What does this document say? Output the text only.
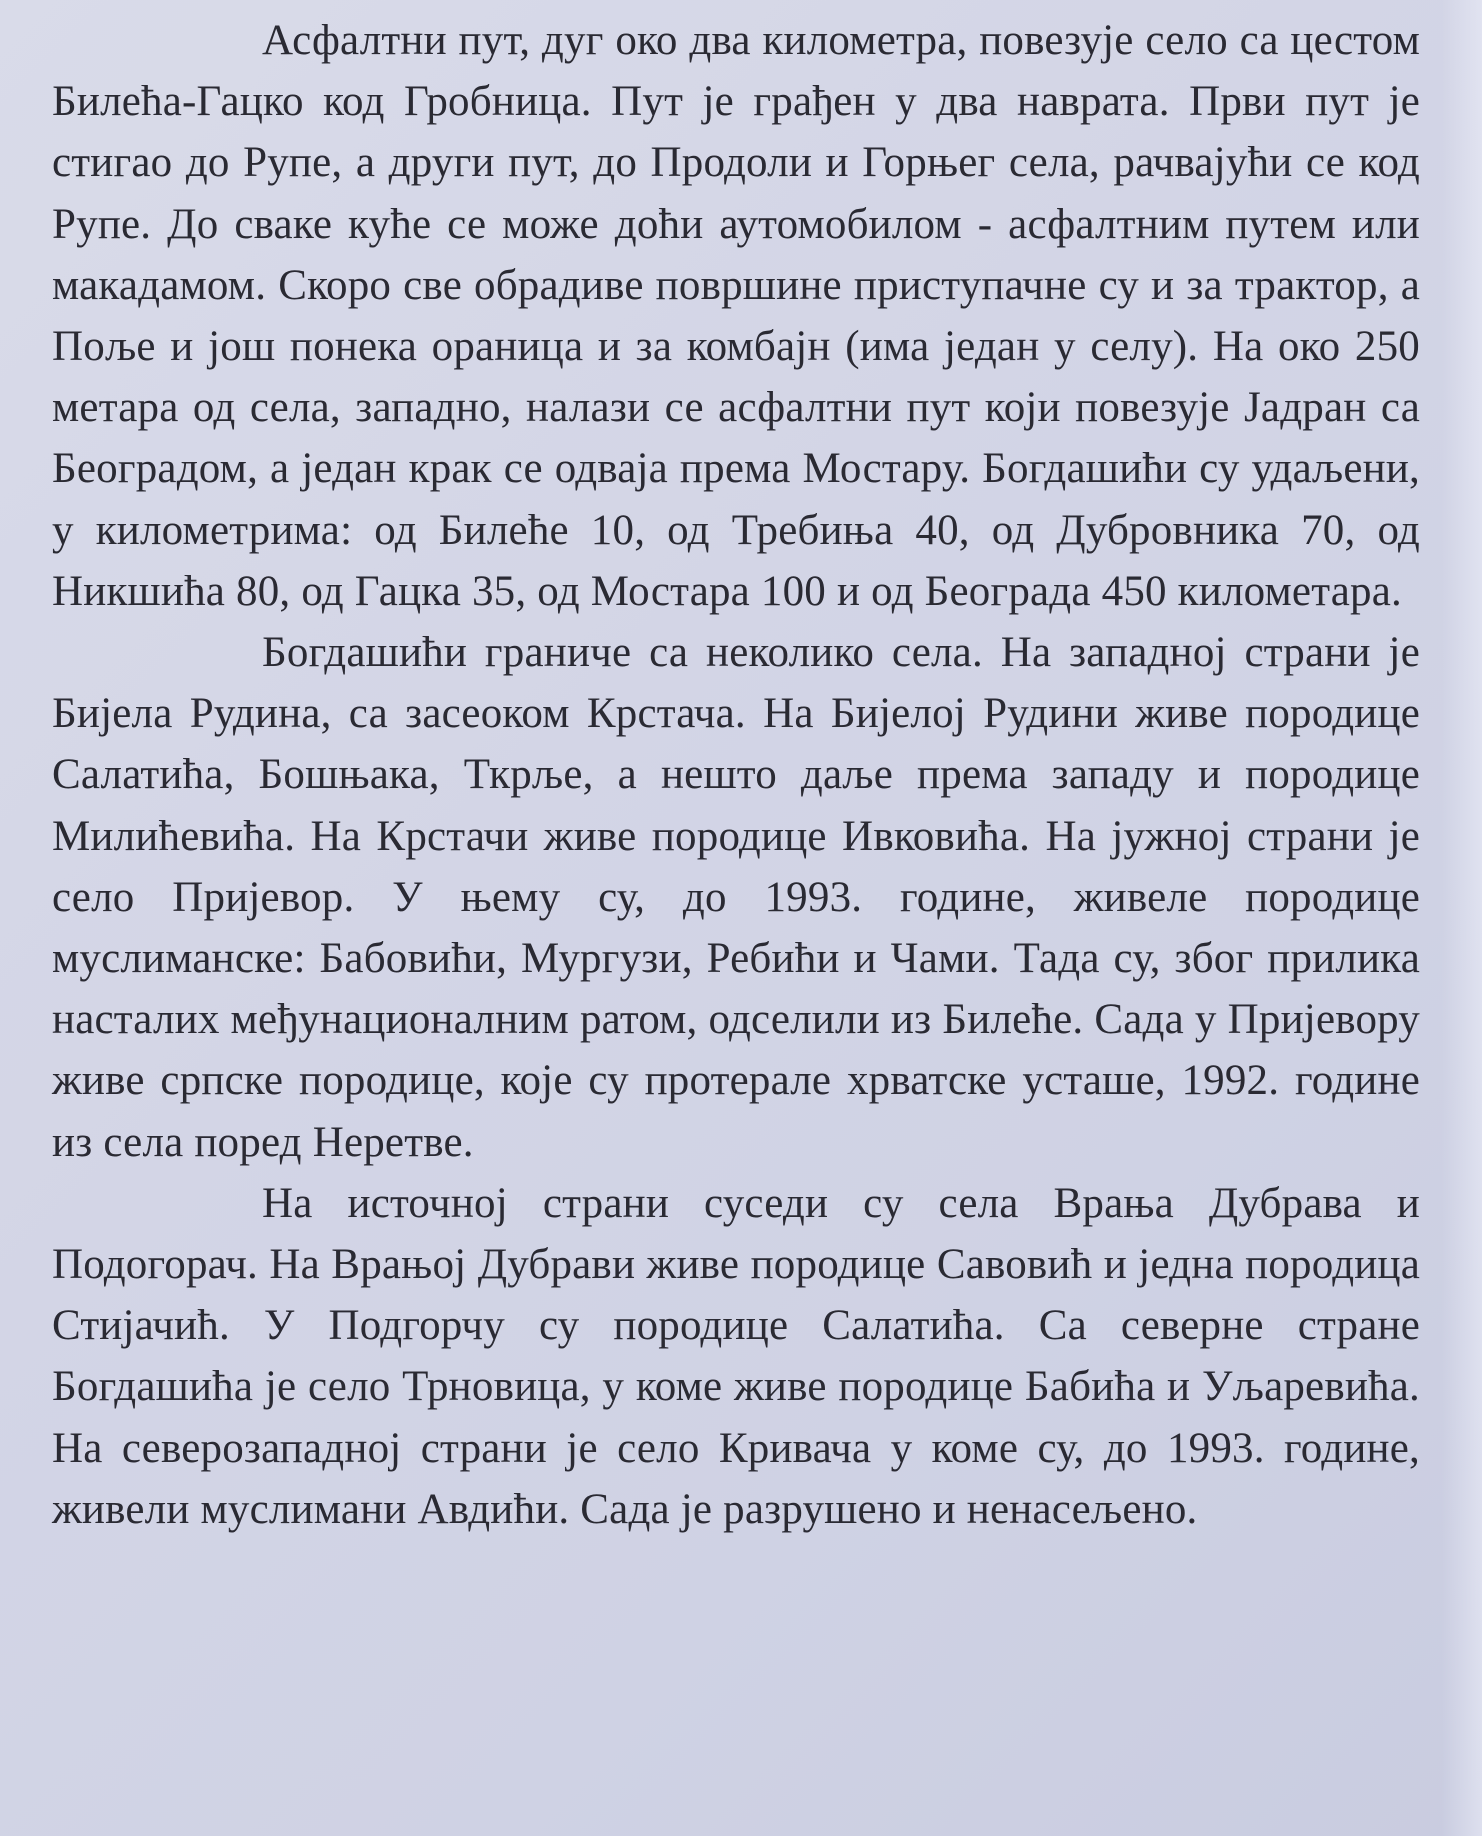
Асфалтни пут, дуг око два километра, повезује село са цестом Билећа-Гацко код Гробница. Пут је грађен у два наврата. Први пут је стигао до Рупе, а други пут, до Продоли и Горњег села, рачвајући се код Рупе. До сваке куће се може доћи аутомобилом - асфалтним путем или макадамом. Скоро све обрадиве површине приступачне су и за трактор, а Поље и још понека ораница и за комбајн (има један у селу). На око 250 метара од села, западно, налази се асфалтни пут који повезује Јадран са Београдом, а један крак се одваја према Мостару. Богдашићи су удаљени, у километрима: од Билеће 10, од Требиња 40, од Дубровника 70, од Никшића 80, од Гацка 35, од Мостара 100 и од Београда 450 километара.

Богдашићи граниче са неколико села. На западној страни је Бијела Рудина, са засеоком Крстача. На Бијелој Рудини живе породице Салатића, Бошњака, Ткрље, а нешто даље према западу и породице Милићевића. На Крстачи живе породице Ивковића. На јужној страни је село Пријевор. У њему су, до 1993. године, живеле породице муслиманске: Бабовићи, Мургузи, Ребићи и Чами. Тада су, због прилика насталих међунационалним ратом, одселили из Билеће. Сада у Пријевору живе српске породице, које су протерале хрватске усташе, 1992. године из села поред Неретве.

На источној страни суседи су села Врања Дубрава и Подогорач. На Врањој Дубрави живе породице Савовић и једна породица Стијачић. У Подгорчу су породице Салатића. Са северне стране Богдашића је село Трновица, у коме живе породице Бабића и Уљаревића. На северозападној страни је село Кривача у коме су, до 1993. године, живели муслимани Авдићи. Сада је разрушено и ненасељено.
